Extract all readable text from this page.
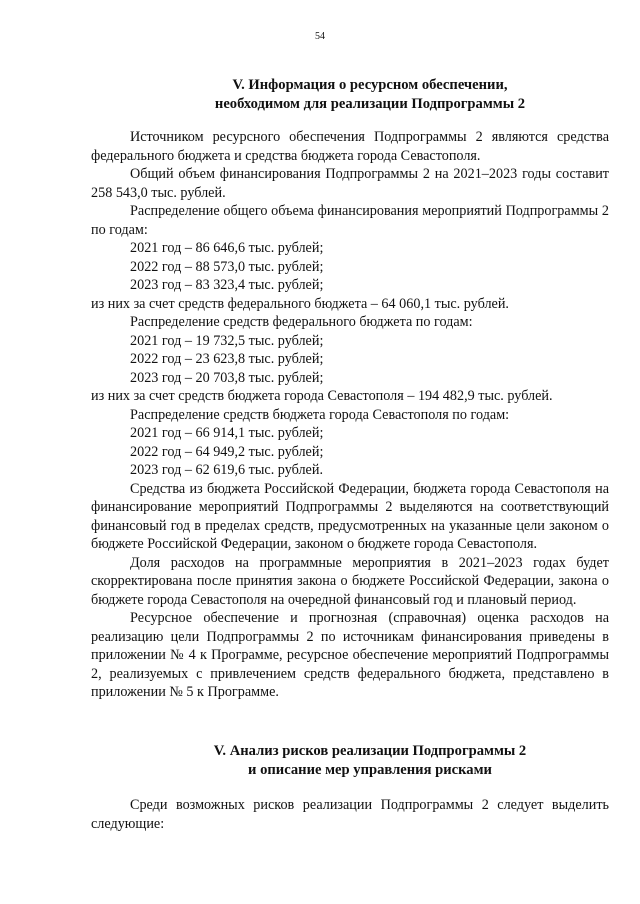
54
V. Информация о ресурсном обеспечении,
необходимом для реализации Подпрограммы 2

Источником ресурсного обеспечения Подпрограммы 2 являются средства федерального бюджета и средства бюджета города Севастополя.

Общий объем финансирования Подпрограммы 2 на 2021–2023 годы составит 258 543,0 тыс. рублей.

Распределение общего объема финансирования мероприятий Подпрограммы 2 по годам:

2021 год – 86 646,6 тыс. рублей;

2022 год – 88 573,0 тыс. рублей;

2023 год – 83 323,4 тыс. рублей;

из них за счет средств федерального бюджета – 64 060,1 тыс. рублей.

Распределение средств федерального бюджета по годам:

2021 год – 19 732,5 тыс. рублей;

2022 год – 23 623,8 тыс. рублей;

2023 год – 20 703,8 тыс. рублей;

из них за счет средств бюджета города Севастополя – 194 482,9 тыс. рублей.

Распределение средств бюджета города Севастополя по годам:

2021 год – 66 914,1 тыс. рублей;

2022 год – 64 949,2 тыс. рублей;

2023 год – 62 619,6 тыс. рублей.

Средства из бюджета Российской Федерации, бюджета города Севастополя на финансирование мероприятий Подпрограммы 2 выделяются на соответствующий финансовый год в пределах средств, предусмотренных на указанные цели законом о бюджете Российской Федерации, законом о бюджете города Севастополя.

Доля расходов на программные мероприятия в 2021–2023 годах будет скорректирована после принятия закона о бюджете Российской Федерации, закона о бюджете города Севастополя на очередной финансовый год и плановый период.

Ресурсное обеспечение и прогнозная (справочная) оценка расходов на реализацию цели Подпрограммы 2 по источникам финансирования приведены в приложении № 4 к Программе, ресурсное обеспечение мероприятий Подпрограммы 2, реализуемых с привлечением средств федерального бюджета, представлено в приложении № 5 к Программе.

V. Анализ рисков реализации Подпрограммы 2
и описание мер управления рисками

Среди возможных рисков реализации Подпрограммы 2 следует выделить следующие:
